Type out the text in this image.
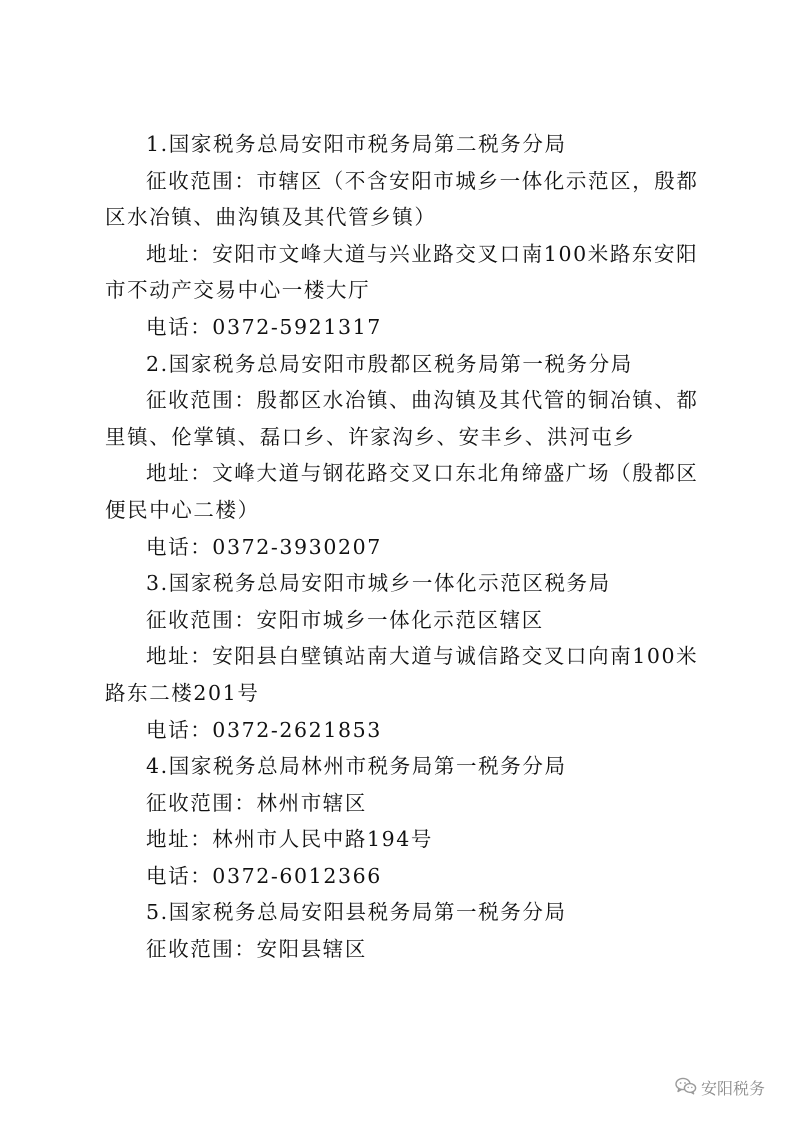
1.国家税务总局安阳市税务局第二税务分局
征收范围：市辖区（不含安阳市城乡一体化示范区，殷都
区水冶镇、曲沟镇及其代管乡镇）
地址：安阳市文峰大道与兴业路交叉口南100米路东安阳
市不动产交易中心一楼大厅
电话：0372-5921317
2.国家税务总局安阳市殷都区税务局第一税务分局
征收范围：殷都区水冶镇、曲沟镇及其代管的铜冶镇、都
里镇、伦掌镇、磊口乡、许家沟乡、安丰乡、洪河屯乡
地址：文峰大道与钢花路交叉口东北角缔盛广场（殷都区
便民中心二楼）
电话：0372-3930207
3.国家税务总局安阳市城乡一体化示范区税务局
征收范围：安阳市城乡一体化示范区辖区
地址：安阳县白壁镇站南大道与诚信路交叉口向南100米
路东二楼201号
电话：0372-2621853
4.国家税务总局林州市税务局第一税务分局
征收范围：林州市辖区
地址：林州市人民中路194号
电话：0372-6012366
5.国家税务总局安阳县税务局第一税务分局
征收范围：安阳县辖区
安阳税务
